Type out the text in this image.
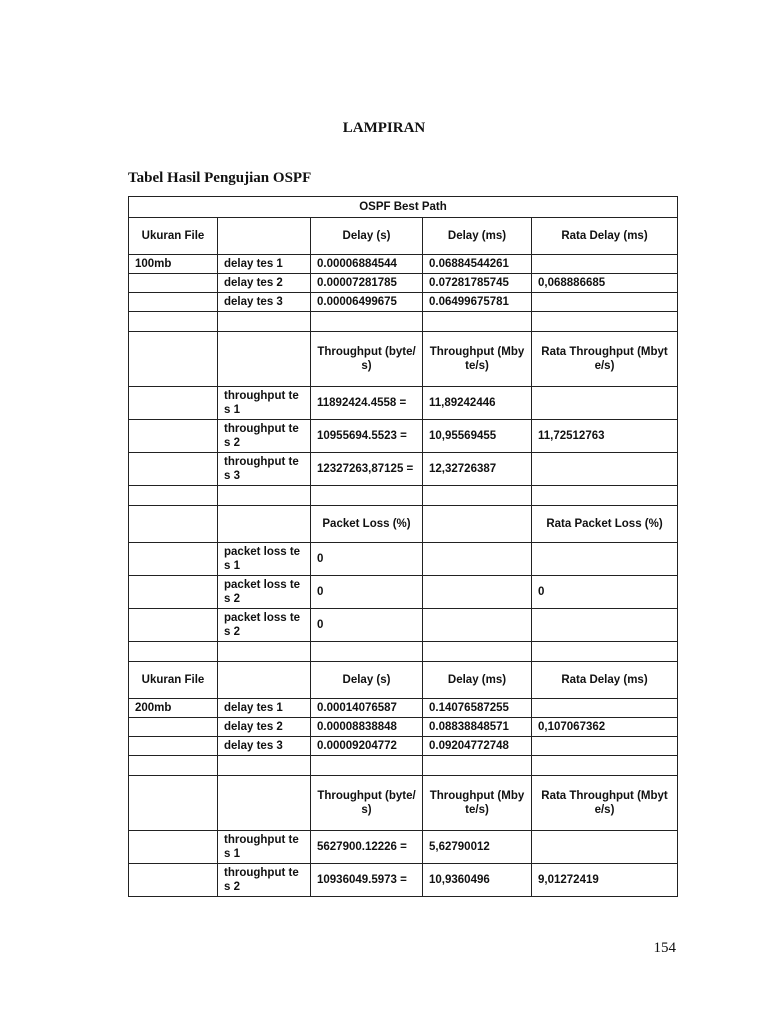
LAMPIRAN
Tabel Hasil Pengujian OSPF
OSPF Best Path				
Ukuran File		Delay (s)	Delay (ms)	Rata Delay (ms)
100mb	delay tes 1	0.00006884544	0.06884544261	
	delay tes 2	0.00007281785	0.07281785745	0,068886685
	delay tes 3	0.00006499675	0.06499675781	

		Throughput (byte/s)	Throughput (Mbyte/s)	Rata Throughput (Mbyte/s)
	throughput tes 1	11892424.4558 =	11,89242446	
	throughput tes 2	10955694.5523 =	10,95569455	11,72512763
	throughput tes 3	12327263,87125 =	12,32726387	

		Packet Loss (%)		Rata Packet Loss (%)
	packet loss tes 1	0		
	packet loss tes 2	0		0
	packet loss tes 2	0		

Ukuran File		Delay (s)	Delay (ms)	Rata Delay (ms)
200mb	delay tes 1	0.00014076587	0.14076587255	
	delay tes 2	0.00008838848	0.08838848571	0,107067362
	delay tes 3	0.00009204772	0.09204772748	

		Throughput (byte/s)	Throughput (Mbyte/s)	Rata Throughput (Mbyte/s)
	throughput tes 1	5627900.12226 =	5,62790012	
	throughput tes 2	10936049.5973 =	10,9360496	9,01272419
154
